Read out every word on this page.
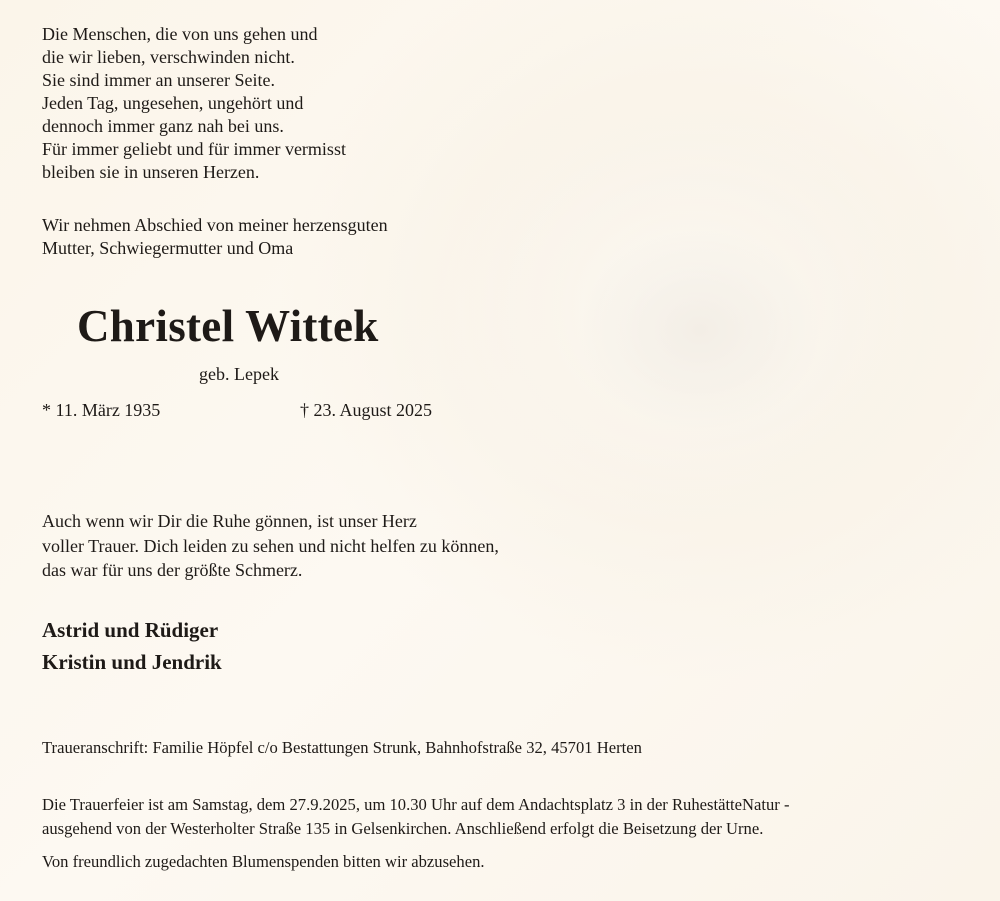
Die Menschen, die von uns gehen und
die wir lieben, verschwinden nicht.
Sie sind immer an unserer Seite.
Jeden Tag, ungesehen, ungehört und
dennoch immer ganz nah bei uns.
Für immer geliebt und für immer vermisst
bleiben sie in unseren Herzen.
Wir nehmen Abschied von meiner herzensguten
Mutter, Schwiegermutter und Oma
Christel Wittek
geb. Lepek
* 11. März 1935	† 23. August 2025
Auch wenn wir Dir die Ruhe gönnen, ist unser Herz
voller Trauer. Dich leiden zu sehen und nicht helfen zu können,
das war für uns der größte Schmerz.
Astrid und Rüdiger
Kristin und Jendrik
Traueranschrift: Familie Höpfel c/o Bestattungen Strunk, Bahnhofstraße 32, 45701 Herten
Die Trauerfeier ist am Samstag, dem 27.9.2025, um 10.30 Uhr auf dem Andachtsplatz 3 in der RuhestätteNatur -
ausgehend von der Westerholter Straße 135 in Gelsenkirchen. Anschließend erfolgt die Beisetzung der Urne.
Von freundlich zugedachten Blumenspenden bitten wir abzusehen.
